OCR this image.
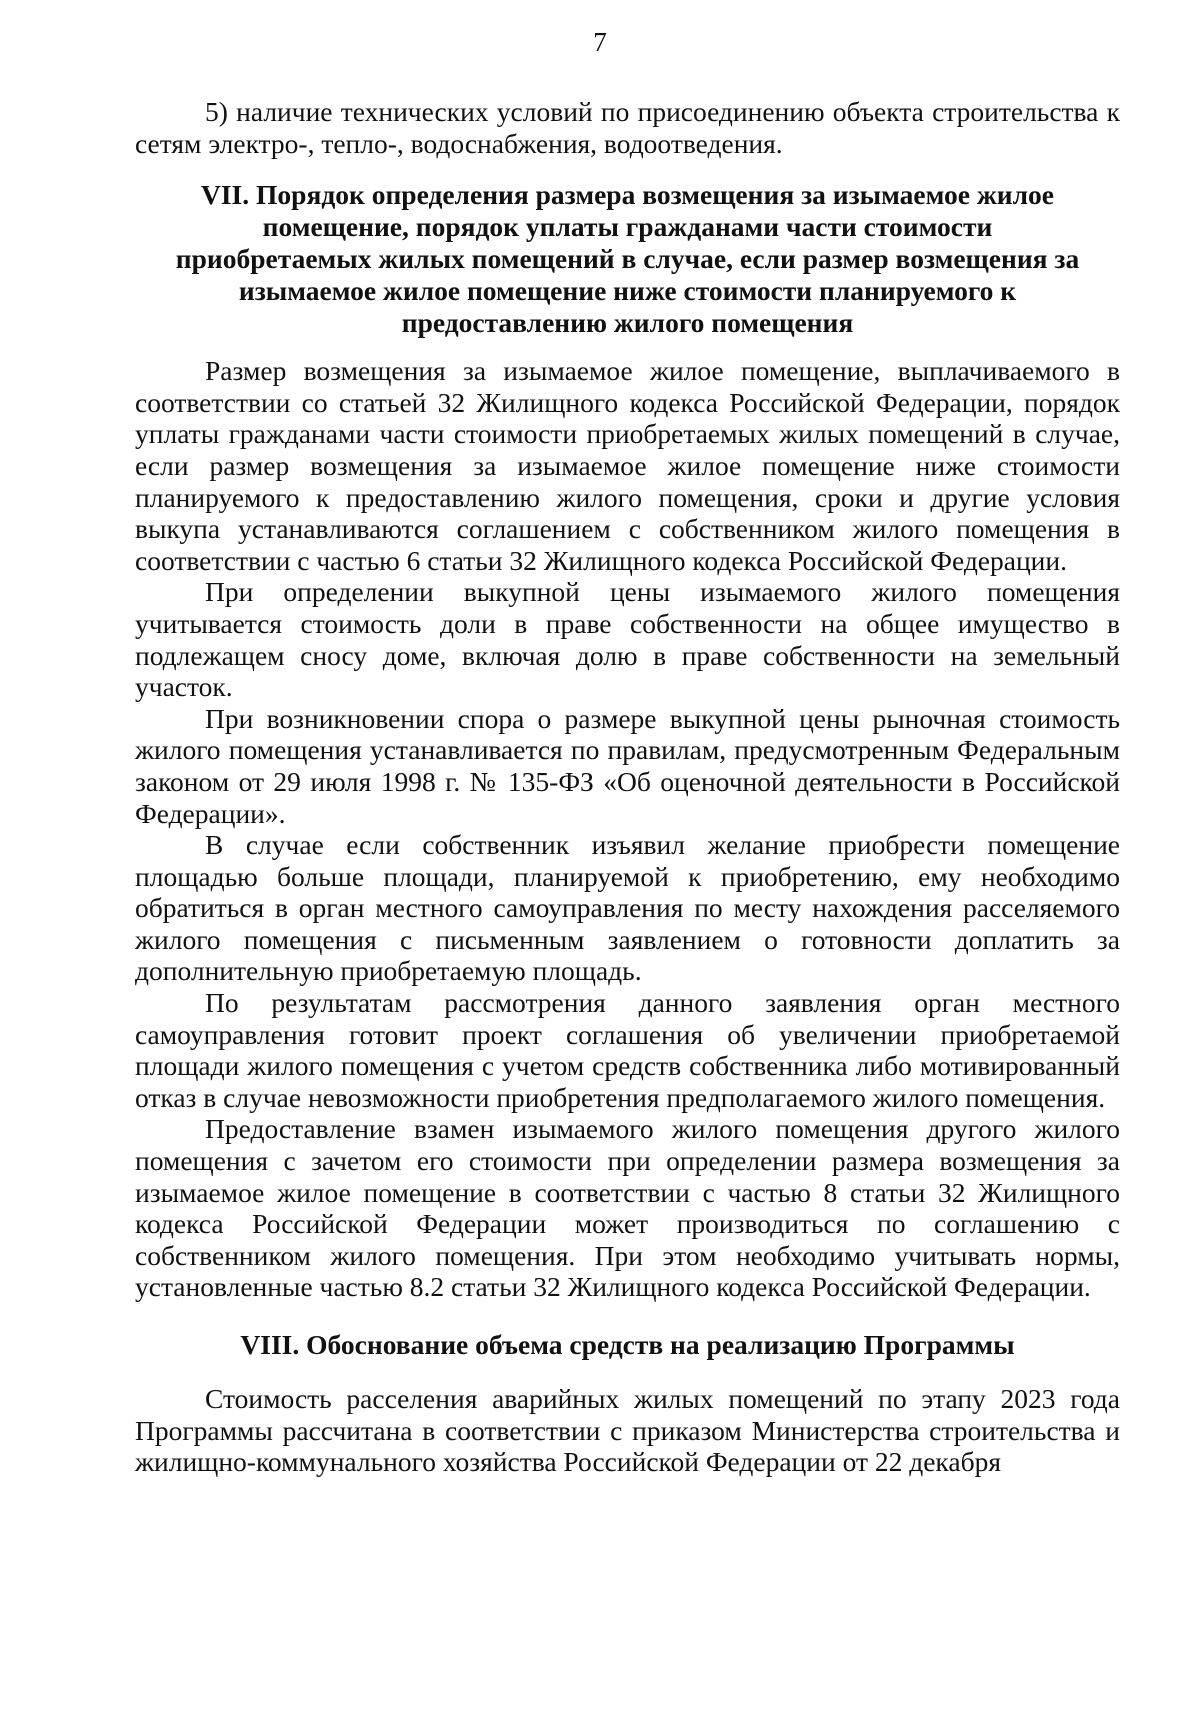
7

5) наличие технических условий по присоединению объекта строительства к сетям электро-, тепло-, водоснабжения, водоотведения.

VII. Порядок определения размера возмещения за изымаемое жилое помещение, порядок уплаты гражданами части стоимости приобретаемых жилых помещений в случае, если размер возмещения за изымаемое жилое помещение ниже стоимости планируемого к предоставлению жилого помещения

Размер возмещения за изымаемое жилое помещение, выплачиваемого в соответствии со статьей 32 Жилищного кодекса Российской Федерации, порядок уплаты гражданами части стоимости приобретаемых жилых помещений в случае, если размер возмещения за изымаемое жилое помещение ниже стоимости планируемого к предоставлению жилого помещения, сроки и другие условия выкупа устанавливаются соглашением с собственником жилого помещения в соответствии с частью 6 статьи 32 Жилищного кодекса Российской Федерации.

При определении выкупной цены изымаемого жилого помещения учитывается стоимость доли в праве собственности на общее имущество в подлежащем сносу доме, включая долю в праве собственности на земельный участок.

При возникновении спора о размере выкупной цены рыночная стоимость жилого помещения устанавливается по правилам, предусмотренным Федеральным законом от 29 июля 1998 г. № 135-ФЗ «Об оценочной деятельности в Российской Федерации».

В случае если собственник изъявил желание приобрести помещение площадью больше площади, планируемой к приобретению, ему необходимо обратиться в орган местного самоуправления по месту нахождения расселяемого жилого помещения с письменным заявлением о готовности доплатить за дополнительную приобретаемую площадь.

По результатам рассмотрения данного заявления орган местного самоуправления готовит проект соглашения об увеличении приобретаемой площади жилого помещения с учетом средств собственника либо мотивированный отказ в случае невозможности приобретения предполагаемого жилого помещения.

Предоставление взамен изымаемого жилого помещения другого жилого помещения с зачетом его стоимости при определении размера возмещения за изымаемое жилое помещение в соответствии с частью 8 статьи 32 Жилищного кодекса Российской Федерации может производиться по соглашению с собственником жилого помещения. При этом необходимо учитывать нормы, установленные частью 8.2 статьи 32 Жилищного кодекса Российской Федерации.

VIII. Обоснование объема средств на реализацию Программы

Стоимость расселения аварийных жилых помещений по этапу 2023 года Программы рассчитана в соответствии с приказом Министерства строительства и жилищно-коммунального хозяйства Российской Федерации от 22 декабря
